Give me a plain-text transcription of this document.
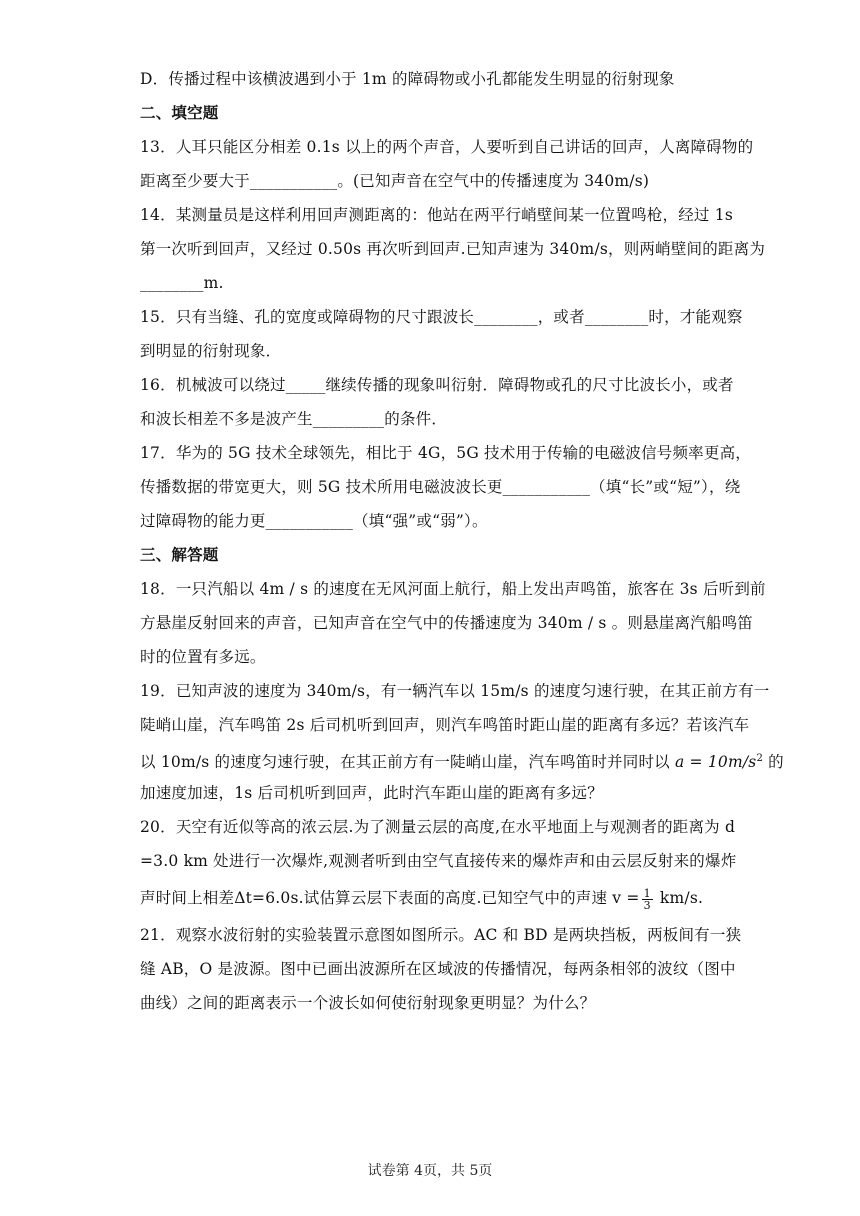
D．传播过程中该横波遇到小于 1m 的障碍物或小孔都能发生明显的衍射现象
二、填空题
13．人耳只能区分相差 0.1s 以上的两个声音，人要听到自己讲话的回声，人离障碍物的
距离至少要大于___________。(已知声音在空气中的传播速度为 340m/s)
14．某测量员是这样利用回声测距离的：他站在两平行峭壁间某一位置鸣枪，经过 1s
第一次听到回声，又经过 0.50s 再次听到回声.已知声速为 340m/s，则两峭壁间的距离为
________m.
15．只有当缝、孔的宽度或障碍物的尺寸跟波长________，或者________时，才能观察
到明显的衍射现象．
16．机械波可以绕过_____继续传播的现象叫衍射．障碍物或孔的尺寸比波长小，或者
和波长相差不多是波产生_________的条件．
17．华为的 5G 技术全球领先，相比于 4G，5G 技术用于传输的电磁波信号频率更高，
传播数据的带宽更大，则 5G 技术所用电磁波波长更___________（填“长”或“短”），绕
过障碍物的能力更___________（填“强”或“弱”）。
三、解答题
18．一只汽船以 4m / s 的速度在无风河面上航行，船上发出声鸣笛，旅客在 3s 后听到前
方悬崖反射回来的声音，已知声音在空气中的传播速度为 340m / s 。则悬崖离汽船鸣笛
时的位置有多远。
19．已知声波的速度为 340m/s，有一辆汽车以 15m/s 的速度匀速行驶，在其正前方有一
陡峭山崖，汽车鸣笛 2s 后司机听到回声，则汽车鸣笛时距山崖的距离有多远？若该汽车
以 10m/s 的速度匀速行驶，在其正前方有一陡峭山崖，汽车鸣笛时并同时以 $a = 10m/s^2$ 的
加速度加速，1s 后司机听到回声，此时汽车距山崖的距离有多远？
20．天空有近似等高的浓云层.为了测量云层的高度,在水平地面上与观测者的距离为 d
=3.0 km 处进行一次爆炸,观测者听到由空气直接传来的爆炸声和由云层反射来的爆炸
声时间上相差Δt=6.0s.试估算云层下表面的高度.已知空气中的声速 $v = \frac{1}{3} km/s$.
21．观察水波衍射的实验装置示意图如图所示。AC 和 BD 是两块挡板，两板间有一狭
缝 AB，O 是波源。图中已画出波源所在区域波的传播情况，每两条相邻的波纹（图中
曲线）之间的距离表示一个波长如何使衍射现象更明显？为什么？
试卷第 4页，共 5页
